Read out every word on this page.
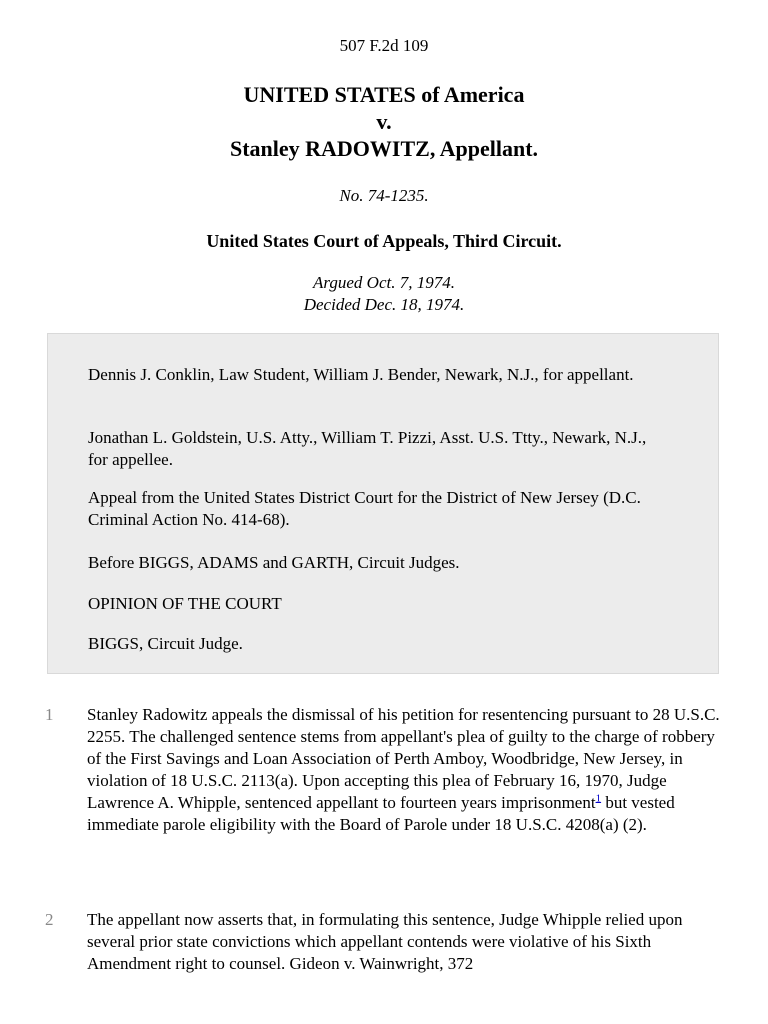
507 F.2d 109
UNITED STATES of America
v.
Stanley RADOWITZ, Appellant.
No. 74-1235.
United States Court of Appeals, Third Circuit.
Argued Oct. 7, 1974.
Decided Dec. 18, 1974.

Dennis J. Conklin, Law Student, William J. Bender, Newark, N.J., for appellant.

Jonathan L. Goldstein, U.S. Atty., William T. Pizzi, Asst. U.S. Ttty., Newark, N.J., for appellee.

Appeal from the United States District Court for the District of New Jersey (D.C. Criminal Action No. 414-68).

Before BIGGS, ADAMS and GARTH, Circuit Judges.

OPINION OF THE COURT

BIGGS, Circuit Judge.

1	Stanley Radowitz appeals the dismissal of his petition for resentencing pursuant to 28 U.S.C. 2255. The challenged sentence stems from appellant's plea of guilty to the charge of robbery of the First Savings and Loan Association of Perth Amboy, Woodbridge, New Jersey, in violation of 18 U.S.C. 2113(a). Upon accepting this plea of February 16, 1970, Judge Lawrence A. Whipple, sentenced appellant to fourteen years imprisonment$^1$ but vested immediate parole eligibility with the Board of Parole under 18 U.S.C. 4208(a) (2).

2	The appellant now asserts that, in formulating this sentence, Judge Whipple relied upon several prior state convictions which appellant contends were violative of his Sixth Amendment right to counsel. Gideon v. Wainwright, 372
